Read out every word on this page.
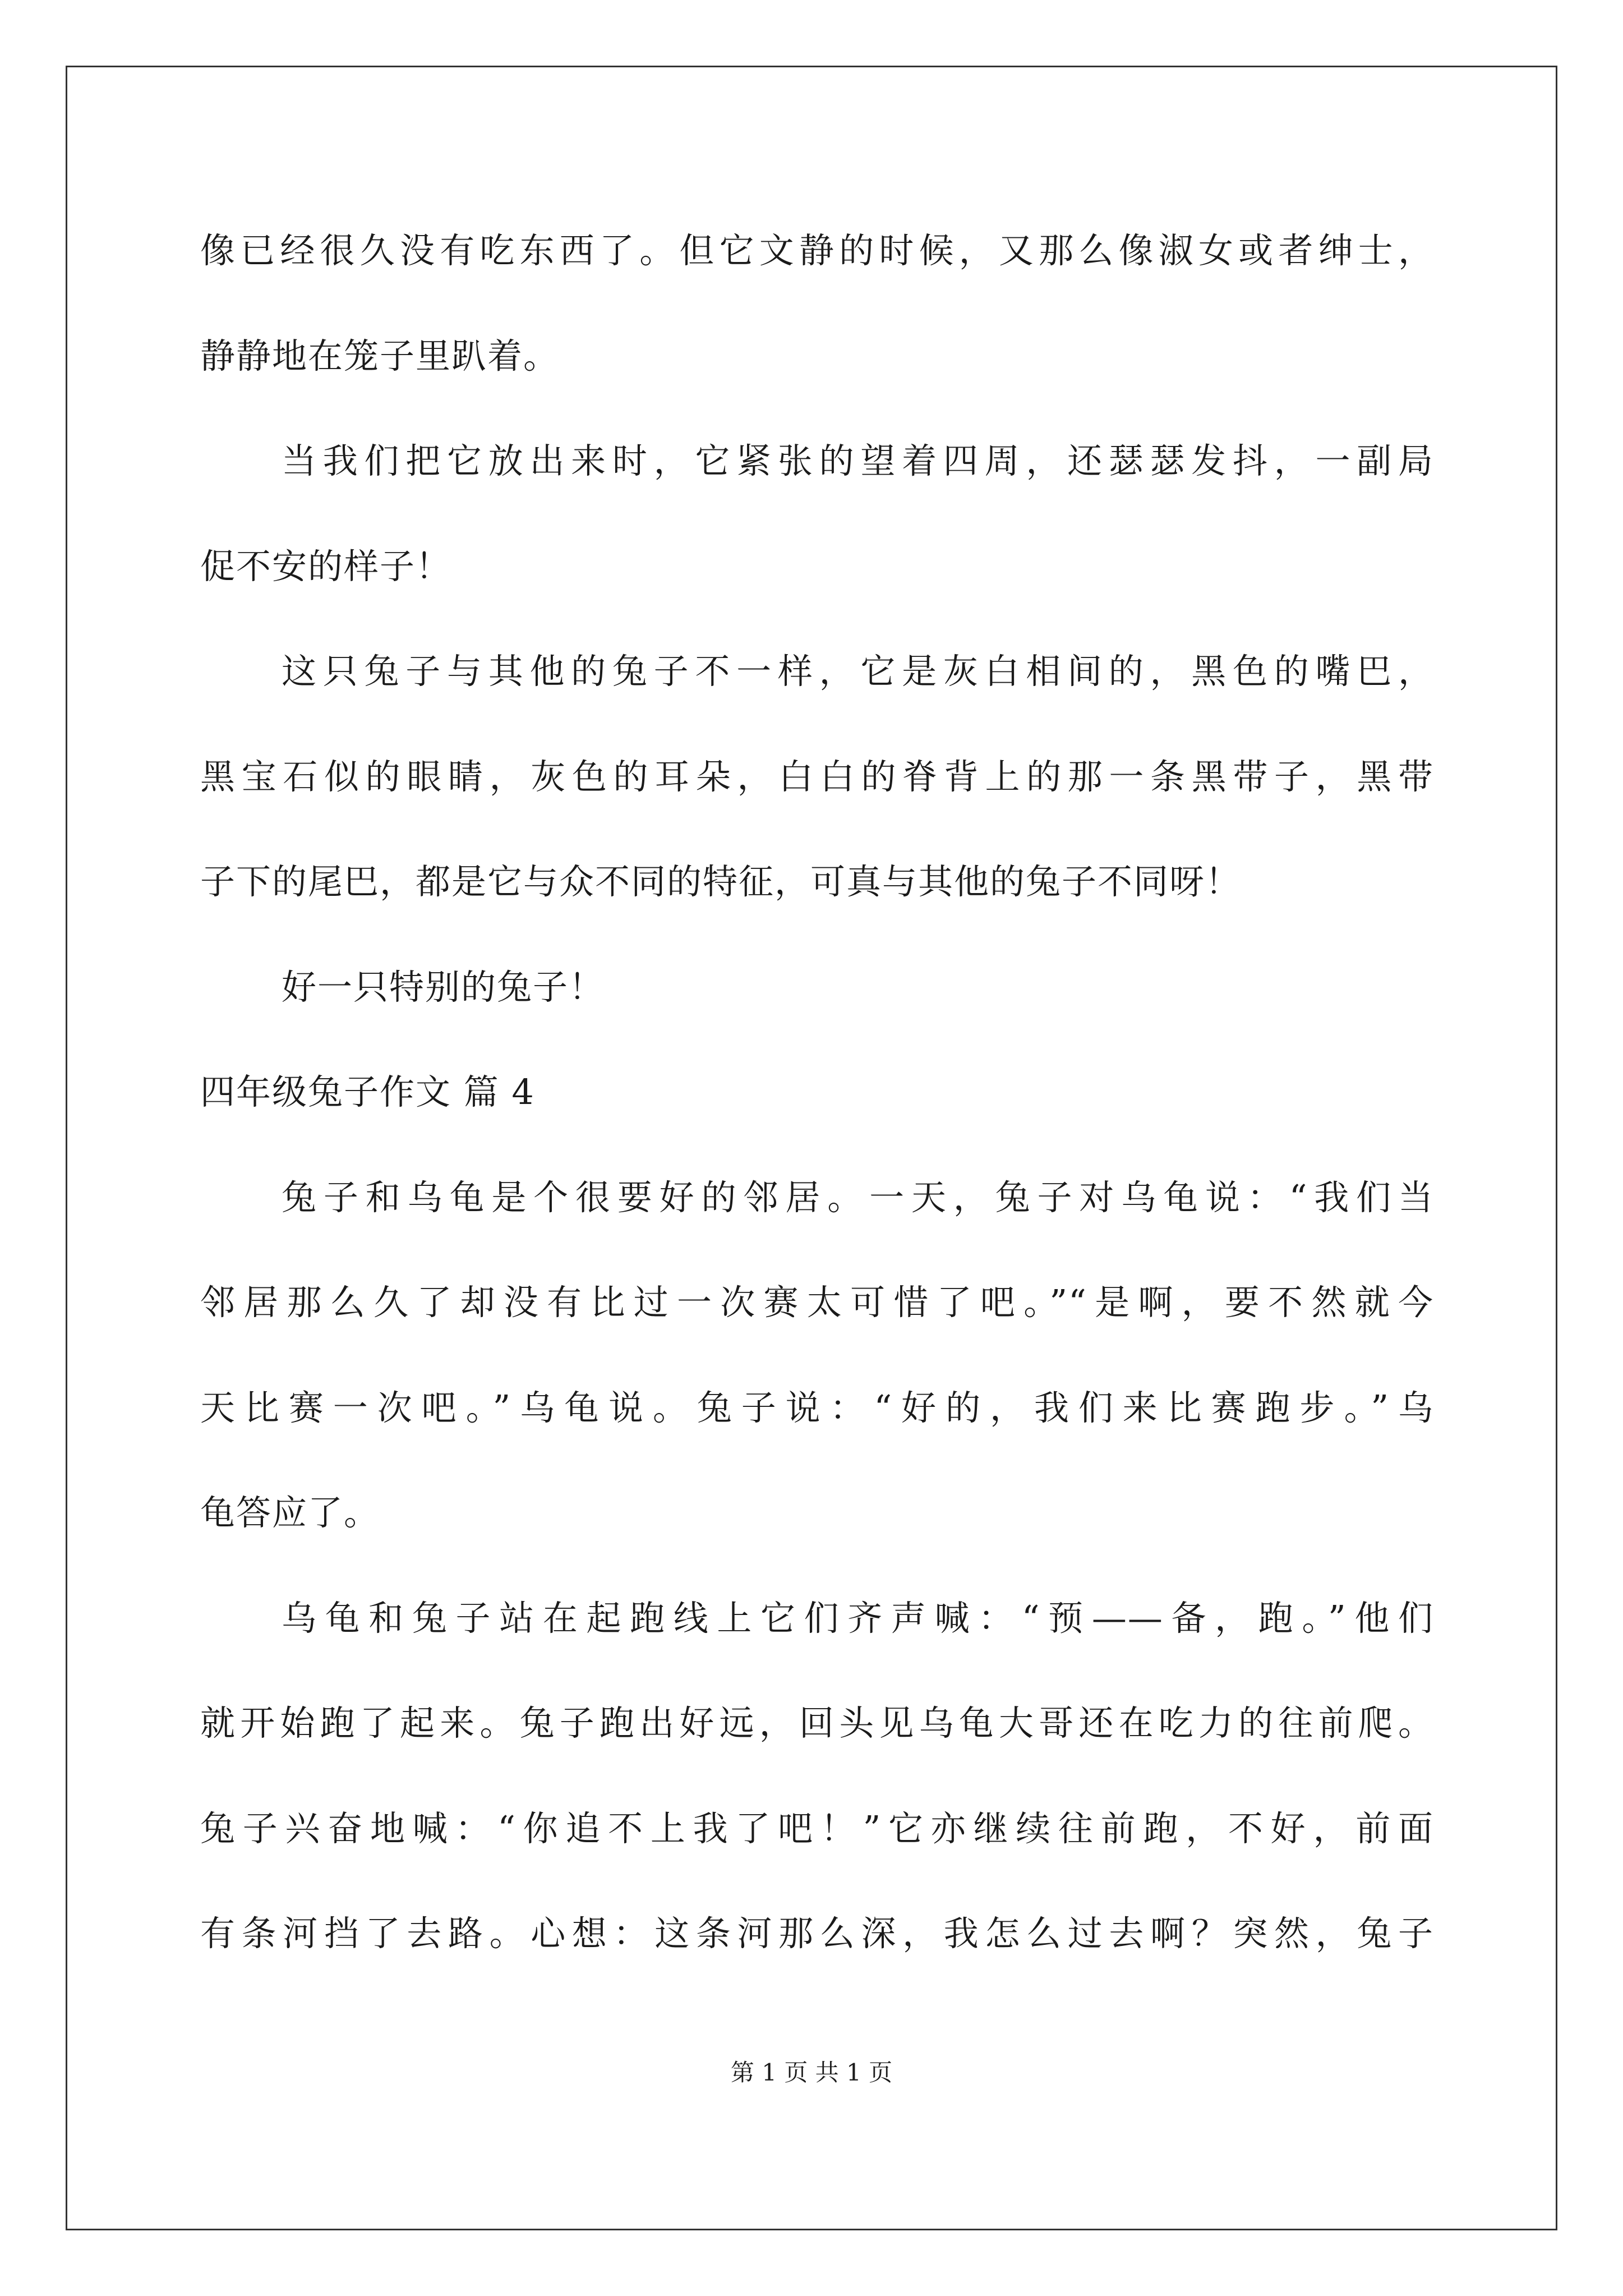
像已经很久没有吃东西了。但它文静的时候，又那么像淑女或者绅士，
静静地在笼子里趴着。
当我们把它放出来时，它紧张的望着四周，还瑟瑟发抖，一副局
促不安的样子！
这只兔子与其他的兔子不一样，它是灰白相间的，黑色的嘴巴，
黑宝石似的眼睛，灰色的耳朵，白白的脊背上的那一条黑带子，黑带
子下的尾巴，都是它与众不同的特征，可真与其他的兔子不同呀！
好一只特别的兔子！
四年级兔子作文 篇 4
兔子和乌龟是个很要好的邻居。一天，兔子对乌龟说：“我们当
邻居那么久了却没有比过一次赛太可惜了吧。”“是啊，要不然就今
天比赛一次吧。”乌龟说。兔子说：“好的，我们来比赛跑步。”乌
龟答应了。
乌龟和兔子站在起跑线上它们齐声喊：“预——备，跑。”他们
就开始跑了起来。兔子跑出好远，回头见乌龟大哥还在吃力的往前爬。
兔子兴奋地喊：“你追不上我了吧！”它亦继续往前跑，不好，前面
有条河挡了去路。心想：这条河那么深，我怎么过去啊？突然，兔子
第 1 页 共 1 页
